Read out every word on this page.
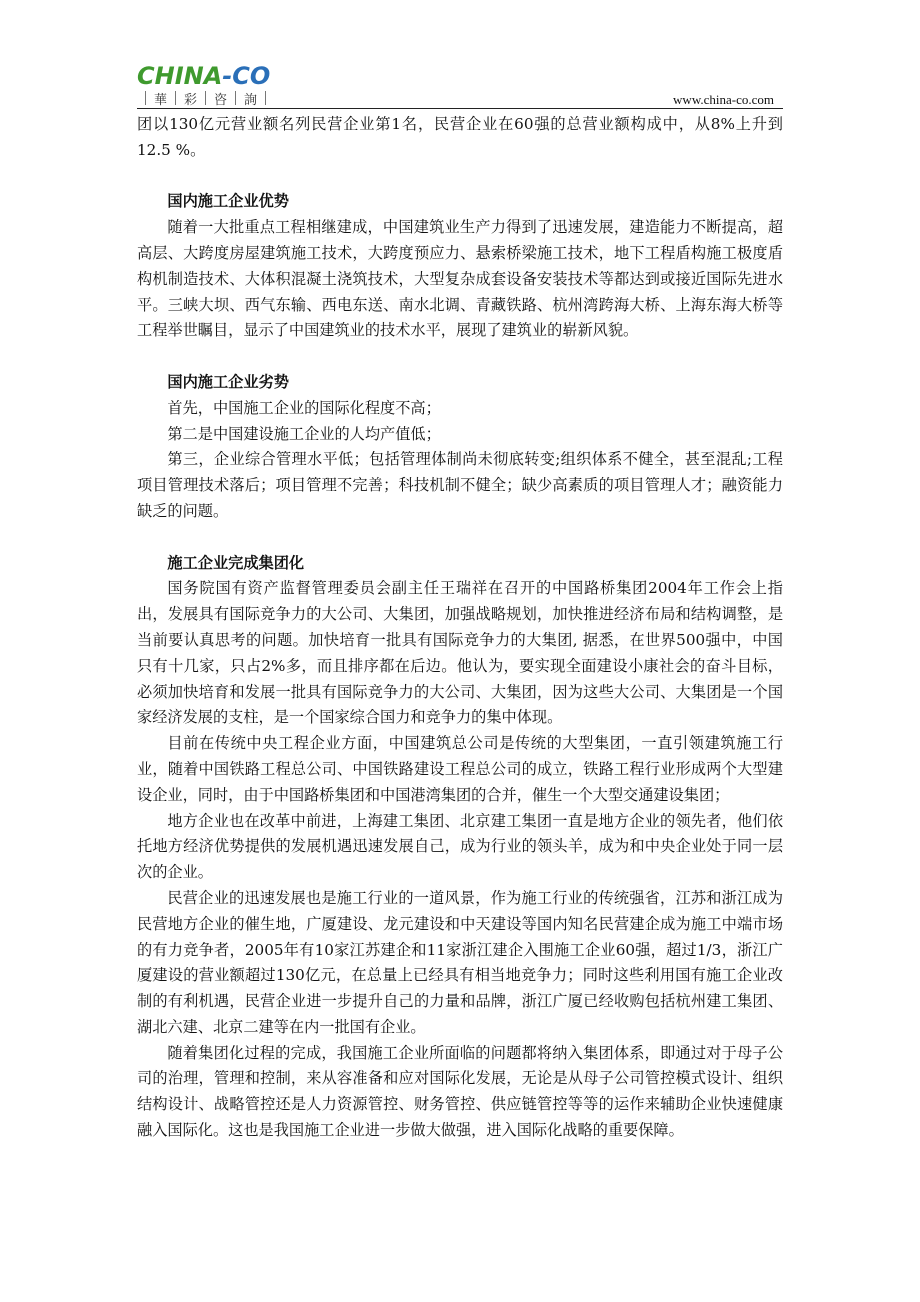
CHINA-CO
華 彩 咨 詢	www.china-co.com

团以130亿元营业额名列民营企业第1名，民营企业在60强的总营业额构成中，从8%上升到12.5 %。

国内施工企业优势

随着一大批重点工程相继建成，中国建筑业生产力得到了迅速发展，建造能力不断提高，超高层、大跨度房屋建筑施工技术，大跨度预应力、悬索桥梁施工技术，地下工程盾构施工极度盾构机制造技术、大体积混凝土浇筑技术，大型复杂成套设备安装技术等都达到或接近国际先进水平。三峡大坝、西气东输、西电东送、南水北调、青藏铁路、杭州湾跨海大桥、上海东海大桥等工程举世瞩目，显示了中国建筑业的技术水平，展现了建筑业的崭新风貌。

国内施工企业劣势

首先，中国施工企业的国际化程度不高；

第二是中国建设施工企业的人均产值低；

第三，企业综合管理水平低；包括管理体制尚未彻底转变;组织体系不健全，甚至混乱;工程项目管理技术落后；项目管理不完善；科技机制不健全；缺少高素质的项目管理人才；融资能力缺乏的问题。

施工企业完成集团化

国务院国有资产监督管理委员会副主任王瑞祥在召开的中国路桥集团2004年工作会上指出，发展具有国际竞争力的大公司、大集团，加强战略规划，加快推进经济布局和结构调整，是当前要认真思考的问题。加快培育一批具有国际竞争力的大集团, 据悉，在世界500强中，中国只有十几家，只占2%多，而且排序都在后边。他认为，要实现全面建设小康社会的奋斗目标，必须加快培育和发展一批具有国际竞争力的大公司、大集团，因为这些大公司、大集团是一个国家经济发展的支柱，是一个国家综合国力和竞争力的集中体现。

目前在传统中央工程企业方面，中国建筑总公司是传统的大型集团，一直引领建筑施工行业，随着中国铁路工程总公司、中国铁路建设工程总公司的成立，铁路工程行业形成两个大型建设企业，同时，由于中国路桥集团和中国港湾集团的合并，催生一个大型交通建设集团；

地方企业也在改革中前进，上海建工集团、北京建工集团一直是地方企业的领先者，他们依托地方经济优势提供的发展机遇迅速发展自己，成为行业的领头羊，成为和中央企业处于同一层次的企业。

民营企业的迅速发展也是施工行业的一道风景，作为施工行业的传统强省，江苏和浙江成为民营地方企业的催生地，广厦建设、龙元建设和中天建设等国内知名民营建企成为施工中端市场的有力竞争者，2005年有10家江苏建企和11家浙江建企入围施工企业60强，超过1/3，浙江广厦建设的营业额超过130亿元，在总量上已经具有相当地竞争力；同时这些利用国有施工企业改制的有利机遇，民营企业进一步提升自己的力量和品牌，浙江广厦已经收购包括杭州建工集团、湖北六建、北京二建等在内一批国有企业。

随着集团化过程的完成，我国施工企业所面临的问题都将纳入集团体系，即通过对于母子公司的治理，管理和控制，来从容准备和应对国际化发展，无论是从母子公司管控模式设计、组织结构设计、战略管控还是人力资源管控、财务管控、供应链管控等等的运作来辅助企业快速健康融入国际化。这也是我国施工企业进一步做大做强，进入国际化战略的重要保障。
